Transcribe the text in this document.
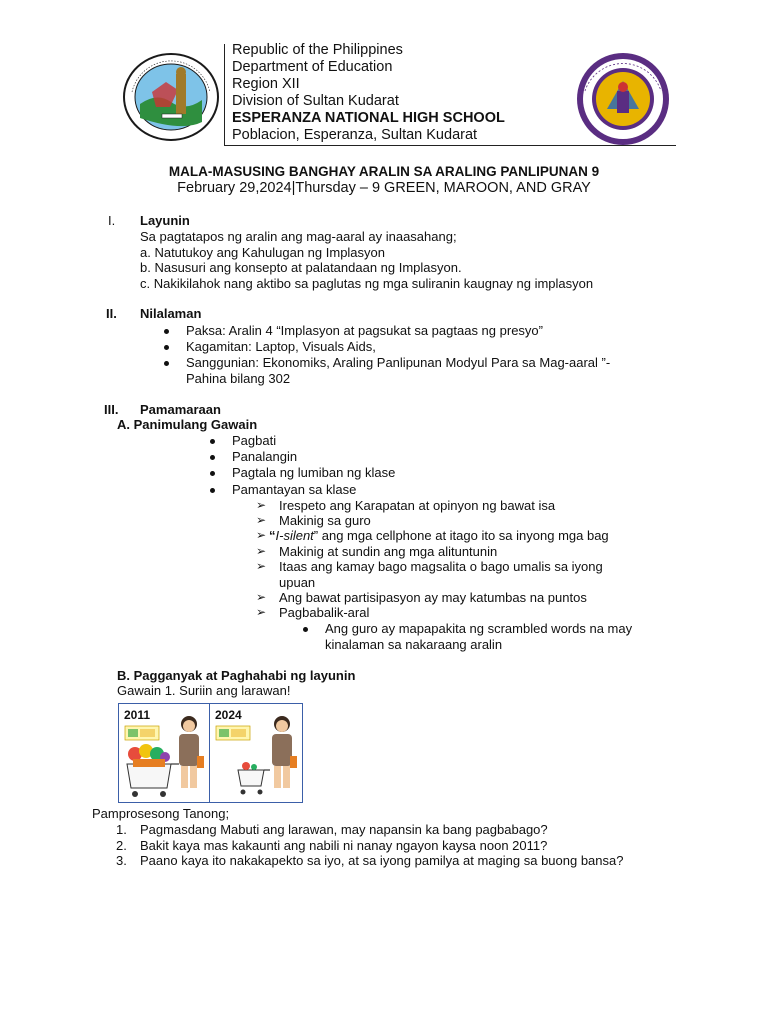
Republic of the Philippines
Department of Education
Region XII
Division of Sultan Kudarat
ESPERANZA NATIONAL HIGH SCHOOL
Poblacion, Esperanza, Sultan Kudarat
MALA-MASUSING BANGHAY ARALIN SA ARALING PANLIPUNAN 9
February 29,2024|Thursday – 9 GREEN, MAROON, AND GRAY
I. Layunin
Sa pagtatapos ng aralin ang mag-aaral ay inaasahang;
a. Natutukoy ang Kahulugan ng Implasyon
b. Nasusuri ang konsepto at palatandaan ng Implasyon.
c. Nakikilahok nang aktibo sa paglutas ng mga suliranin kaugnay ng implasyon
II. Nilalaman
Paksa: Aralin 4 “Implasyon at pagsukat sa pagtaas ng presyo”
Kagamitan: Laptop, Visuals Aids,
Sanggunian: Ekonomiks, Araling Panlipunan Modyul Para sa Mag-aaral ”-
Pahina bilang 302
III. Pamamaraan
A. Panimulang Gawain
Pagbati
Panalangin
Pagtala ng lumiban ng klase
Pamantayan sa klase
➢ Irespeto ang Karapatan at opinyon ng bawat isa
➢ Makinig sa guro
➢ “I-silent” ang mga cellphone at itago ito sa inyong mga bag
➢ Makinig at sundin ang mga alituntunin
➢ Itaas ang kamay bago magsalita o bago umalis sa iyong
upuan
➢ Ang bawat partisipasyon ay may katumbas na puntos
➢ Pagbabalik-aral
Ang guro ay mapapakita ng scrambled words na may
kinalaman sa nakaraang aralin
B. Pagganyak at Paghahabi ng layunin
Gawain 1. Suriin ang larawan!
2011	2024
Pamprosesong Tanong;
1. Pagmasdang Mabuti ang larawan, may napansin ka bang pagbabago?
2. Bakit kaya mas kakaunti ang nabili ni nanay ngayon kaysa noon 2011?
3. Paano kaya ito nakakapekto sa iyo, at sa iyong pamilya at maging sa buong bansa?
